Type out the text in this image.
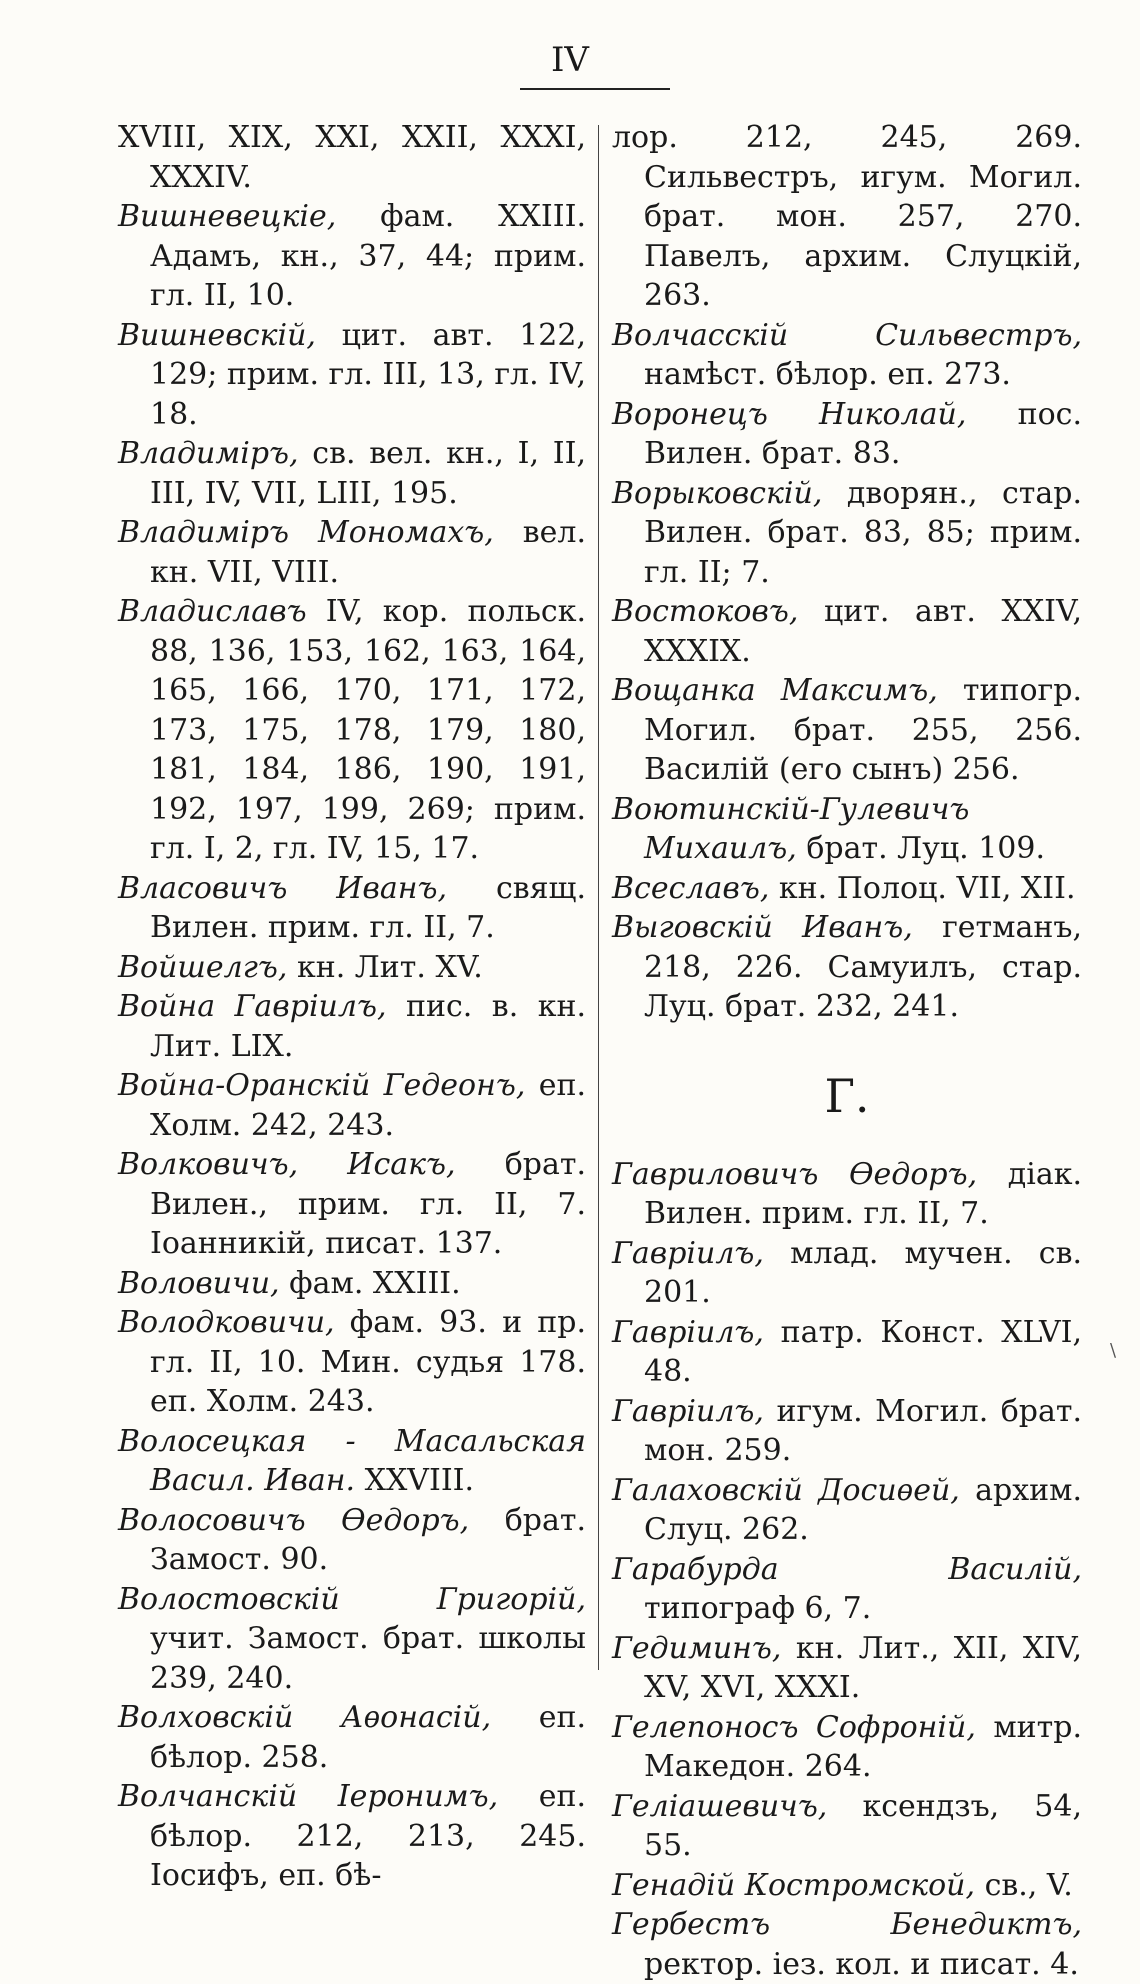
IV

XVIII, XIX, XXI, XXII, XXXI, XXXIV.

Вишневецкіе, фам. XXIII. Адамъ, кн., 37, 44; прим. гл. II, 10.

Вишневскій, цит. авт. 122, 129; прим. гл. III, 13, гл. IV, 18.

Владиміръ, св. вел. кн., I, II, III, IV, VII, LIII, 195.

Владиміръ Мономахъ, вел. кн. VII, VIII.

Владиславъ IV, кор. польск. 88, 136, 153, 162, 163, 164, 165, 166, 170, 171, 172, 173, 175, 178, 179, 180, 181, 184, 186, 190, 191, 192, 197, 199, 269; прим. гл. I, 2, гл. IV, 15, 17.

Власовичъ Иванъ, свящ. Вилен. прим. гл. II, 7.

Войшелгъ, кн. Лит. XV.

Война Гавріилъ, пис. в. кн. Лит. LIX.

Война-Оранскій Гедеонъ, еп. Холм. 242, 243.

Волковичъ, Исакъ, брат. Вилен., прим. гл. II, 7. Іоанникій, писат. 137.

Воловичи, фам. XXIII.

Володковичи, фам. 93. и пр. гл. II, 10. Мин. судья 178. еп. Холм. 243.

Волосецкая - Масальская Васил. Иван. XXVIII.

Волосовичъ Ѳедоръ, брат. Замост. 90.

Волостовскій Григорій, учит. Замост. брат. школы 239, 240.

Волховскій Аѳонасій, еп. бѣлор. 258.

Волчанскій Іеронимъ, еп. бѣлор. 212, 213, 245. Іосифъ, еп. бѣ-

лор. 212, 245, 269. Сильвестръ, игум. Могил. брат. мон. 257, 270. Павелъ, архим. Слуцкій, 263.

Волчасскій Сильвестръ, намѣст. бѣлор. еп. 273.

Воронецъ Николай, пос. Вилен. брат. 83.

Ворыковскій, дворян., стар. Вилен. брат. 83, 85; прим. гл. II; 7.

Востоковъ, цит. авт. XXIV, XXXIX.

Вощанка Максимъ, типогр. Могил. брат. 255, 256. Василій (его сынъ) 256.

Воютинскій-Гулевичъ Михаилъ, брат. Луц. 109.

Всеславъ, кн. Полоц. VII, XII.

Выговскій Иванъ, гетманъ, 218, 226. Самуилъ, стар. Луц. брат. 232, 241.

Г.

Гавриловичъ Ѳедоръ, діак. Вилен. прим. гл. II, 7.

Гавріилъ, млад. мучен. св. 201.

Гавріилъ, патр. Конст. XLVI, 48.

Гавріилъ, игум. Могил. брат. мон. 259.

Галаховскій Досиѳей, архим. Слуц. 262.

Гарабурда Василій, типограф 6, 7.

Гедиминъ, кн. Лит., XII, XIV, XV, XVI, XXXI.

Гелепоносъ Софроній, митр. Македон. 264.

Геліашевичъ, ксендзъ, 54, 55.

Генадій Костромской, св., V.

Гербестъ Бенедиктъ, ректор. іез. кол. и писат. 4.

\
